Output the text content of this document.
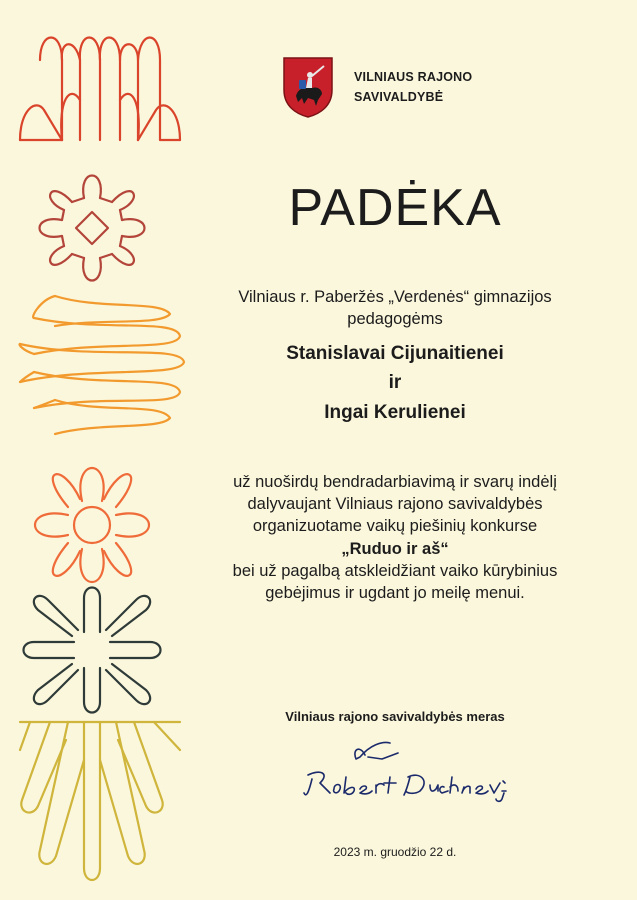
VILNIAUS RAJONO
SAVIVALDYBĖ
PADĖKA
Vilniaus r. Paberžės „Verdenės“ gimnazijos
pedagogėms
Stanislavai Cijunaitienei
ir
Ingai Kerulienei
už nuoširdų bendradarbiavimą ir svarų indėlį
dalyvaujant Vilniaus rajono savivaldybės
organizuotame vaikų piešinių konkurse
„Ruduo ir aš“
bei už pagalbą atskleidžiant vaiko kūrybinius
gebėjimus ir ugdant jo meilę menui.
Vilniaus rajono savivaldybės meras
2023 m. gruodžio 22 d.
